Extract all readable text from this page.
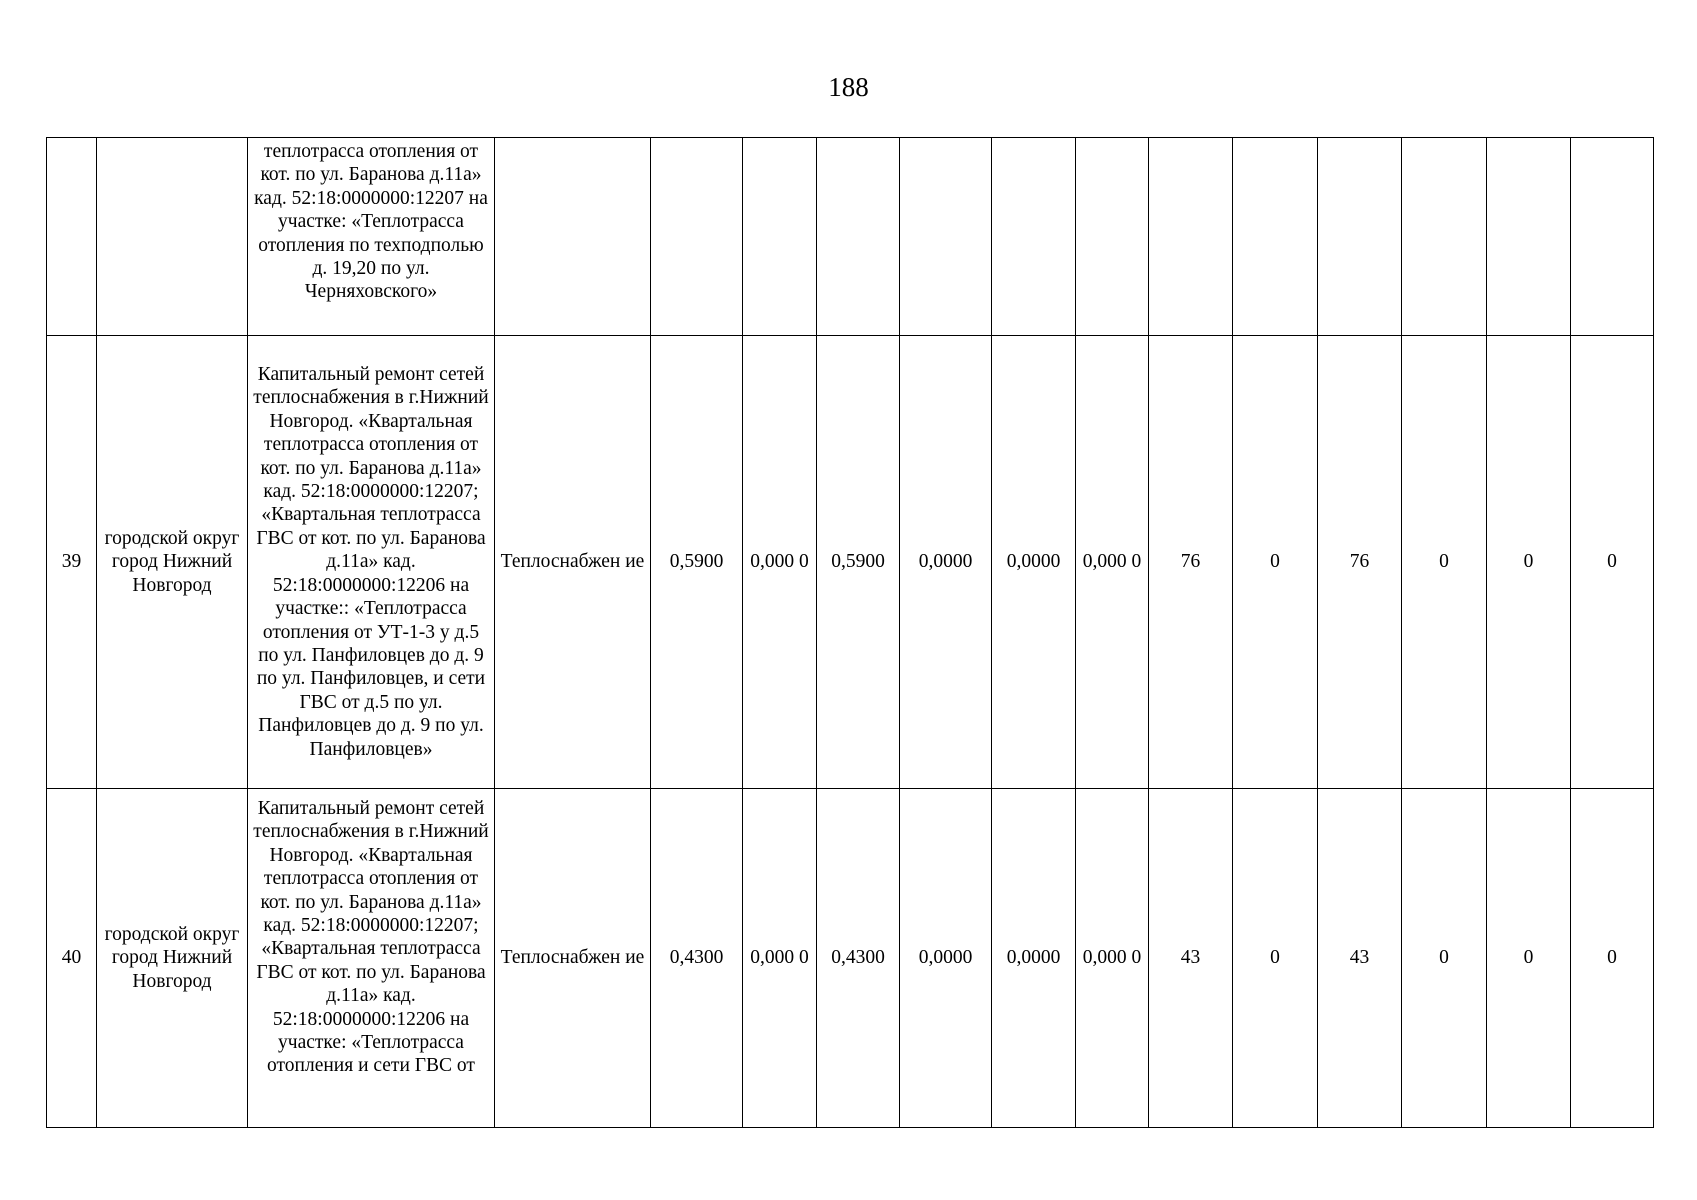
188
		теплотрасса отопления от кот. по ул. Баранова д.11а» кад. 52:18:0000000:12207 на участке: «Теплотрасса отопления по техподполью д. 19,20 по ул. Черняховского»													
39	городской округ город Нижний Новгород	Капитальный ремонт сетей теплоснабжения в г.Нижний Новгород. «Квартальная теплотрасса отопления от кот. по ул. Баранова д.11а» кад. 52:18:0000000:12207; «Квартальная теплотрасса ГВС от кот. по ул. Баранова д.11а» кад. 52:18:0000000:12206 на участке:: «Теплотрасса отопления от УТ-1-3 у д.5 по ул. Панфиловцев до д. 9 по ул. Панфиловцев, и сети ГВС от д.5 по ул. Панфиловцев до д. 9 по ул. Панфиловцев»	Теплоснабжен ие	0,5900	0,000 0	0,5900	0,0000	0,0000	0,000 0	76	0	76	0	0	0
40	городской округ город Нижний Новгород	Капитальный ремонт сетей теплоснабжения в г.Нижний Новгород. «Квартальная теплотрасса отопления от кот. по ул. Баранова д.11а» кад. 52:18:0000000:12207; «Квартальная теплотрасса ГВС от кот. по ул. Баранова д.11а» кад. 52:18:0000000:12206 на участке: «Теплотрасса отопления и сети ГВС от	Теплоснабжен ие	0,4300	0,000 0	0,4300	0,0000	0,0000	0,000 0	43	0	43	0	0	0
